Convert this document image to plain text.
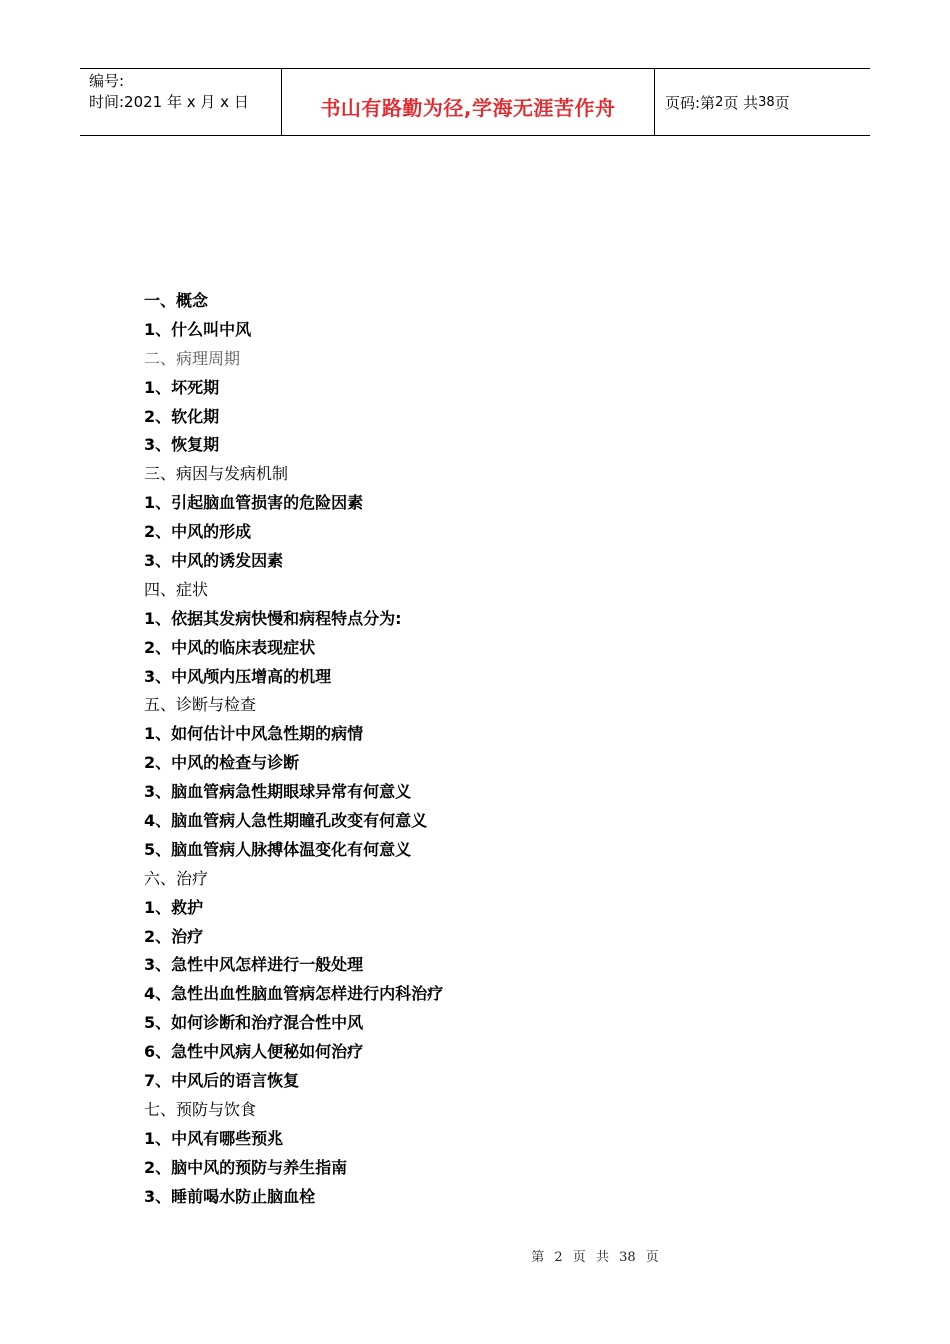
编号:
时间:2021 年 x 月 x 日	书山有路勤为径,学海无涯苦作舟	页码:第 2 页 共 38 页
一、概念
1、什么叫中风
二、病理周期
1、坏死期
2、软化期
3、恢复期
三、病因与发病机制
1、引起脑血管损害的危险因素
2、中风的形成
3、中风的诱发因素
四、症状
1、依据其发病快慢和病程特点分为:
2、中风的临床表现症状
3、中风颅内压增高的机理
五、诊断与检查
1、如何估计中风急性期的病情
2、中风的检查与诊断
3、脑血管病急性期眼球异常有何意义
4、脑血管病人急性期瞳孔改变有何意义
5、脑血管病人脉搏体温变化有何意义
六、治疗
1、救护
2、治疗
3、急性中风怎样进行一般处理
4、急性出血性脑血管病怎样进行内科治疗
5、如何诊断和治疗混合性中风
6、急性中风病人便秘如何治疗
7、中风后的语言恢复
七、预防与饮食
1、中风有哪些预兆
2、脑中风的预防与养生指南
3、睡前喝水防止脑血栓
第 2 页 共 38 页
